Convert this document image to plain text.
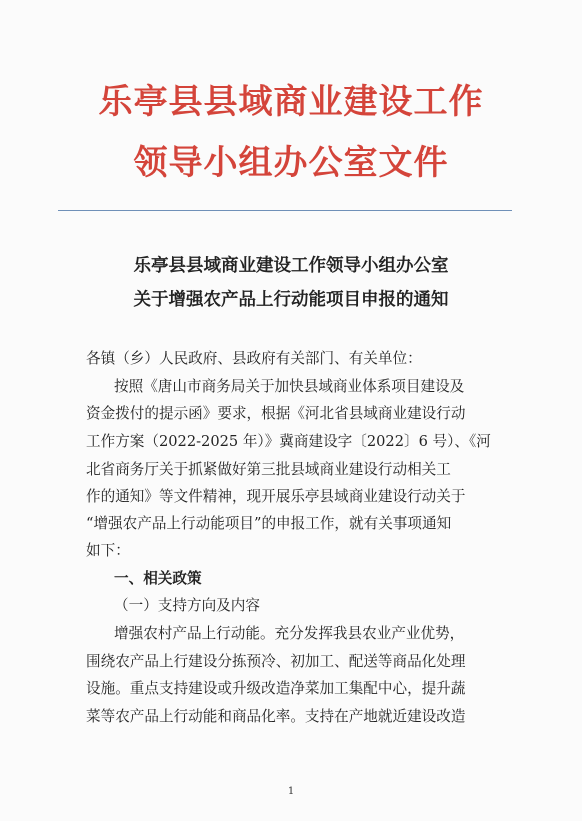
乐亭县县域商业建设工作
领导小组办公室文件
乐亭县县域商业建设工作领导小组办公室
关于增强农产品上行动能项目申报的通知
各镇（乡）人民政府、县政府有关部门、有关单位：
按照《唐山市商务局关于加快县域商业体系项目建设及
资金拨付的提示函》要求，根据《河北省县域商业建设行动
工作方案（2022-2025 年）》冀商建设字〔2022〕6 号）、《河
北省商务厅关于抓紧做好第三批县域商业建设行动相关工
作的通知》等文件精神，现开展乐亭县域商业建设行动关于
“增强农产品上行动能项目”的申报工作，就有关事项通知
如下：
一、相关政策
（一）支持方向及内容
增强农村产品上行动能。充分发挥我县农业产业优势，
围绕农产品上行建设分拣预冷、初加工、配送等商品化处理
设施。重点支持建设或升级改造净菜加工集配中心，提升蔬
菜等农产品上行动能和商品化率。支持在产地就近建设改造
1
